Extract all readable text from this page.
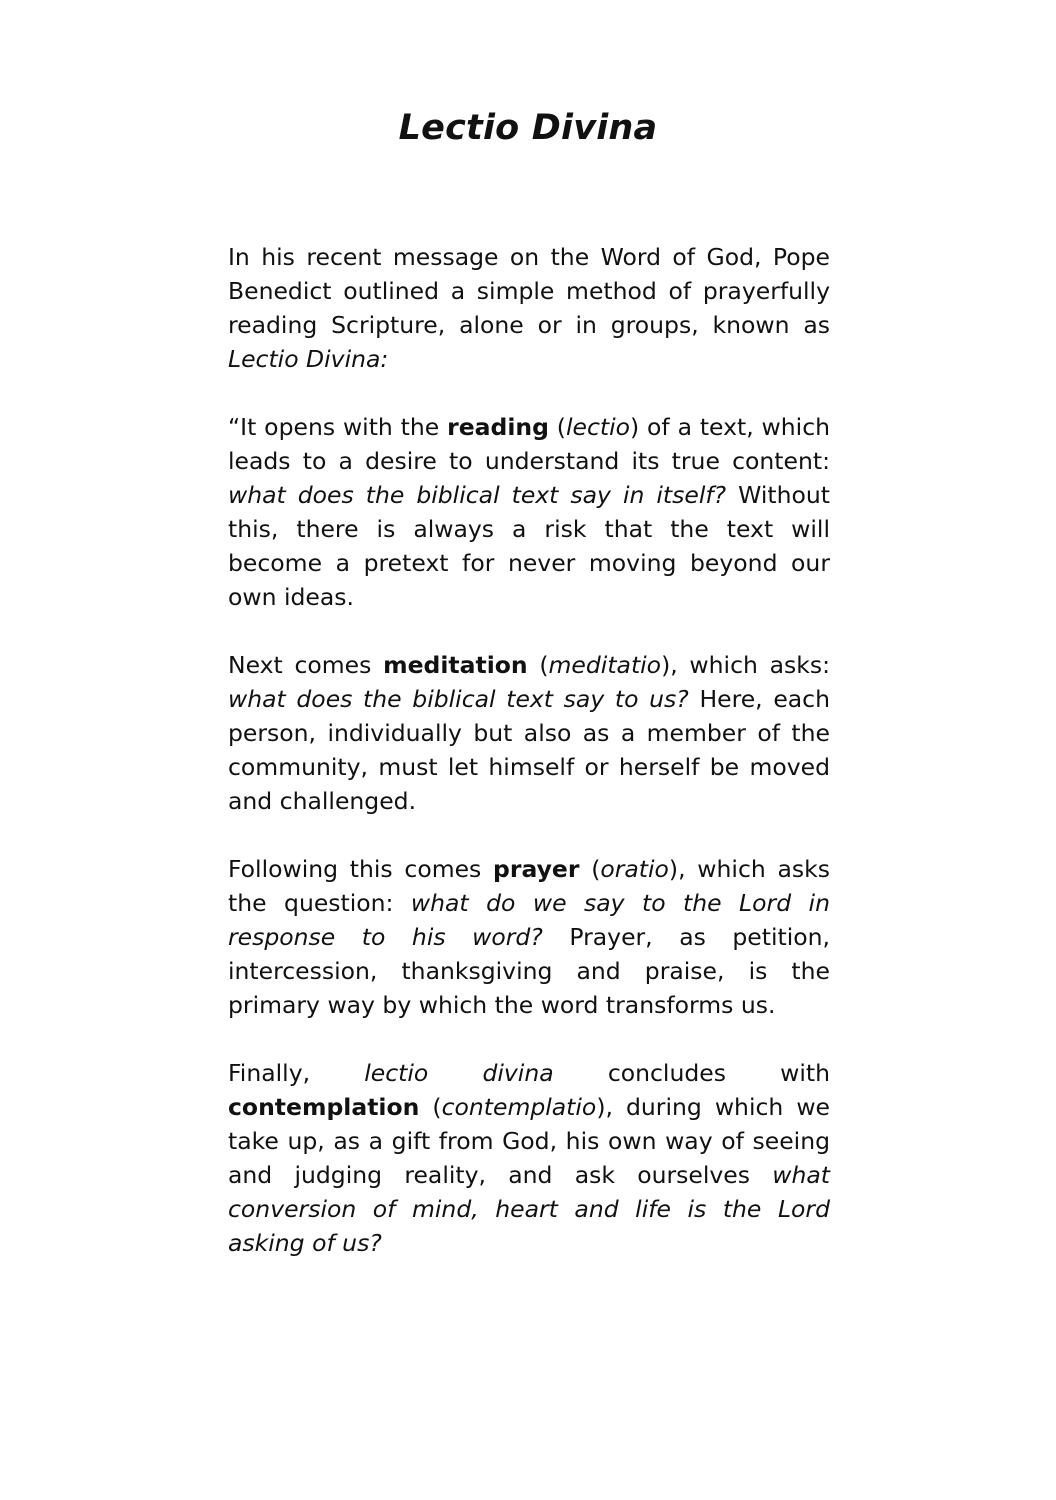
Lectio Divina

In his recent message on the Word of God, Pope Benedict outlined a simple method of prayerfully reading Scripture, alone or in groups, known as Lectio Divina:

“It opens with the reading (lectio) of a text, which leads to a desire to understand its true content: what does the biblical text say in itself? Without this, there is always a risk that the text will become a pretext for never moving beyond our own ideas.

Next comes meditation (meditatio), which asks: what does the biblical text say to us? Here, each person, individually but also as a member of the community, must let himself or herself be moved and challenged.

Following this comes prayer (oratio), which asks the question: what do we say to the Lord in response to his word? Prayer, as petition, intercession, thanksgiving and praise, is the primary way by which the word transforms us.

Finally, lectio divina concludes with contemplation (contemplatio), during which we take up, as a gift from God, his own way of seeing and judging reality, and ask ourselves what conversion of mind, heart and life is the Lord asking of us?
